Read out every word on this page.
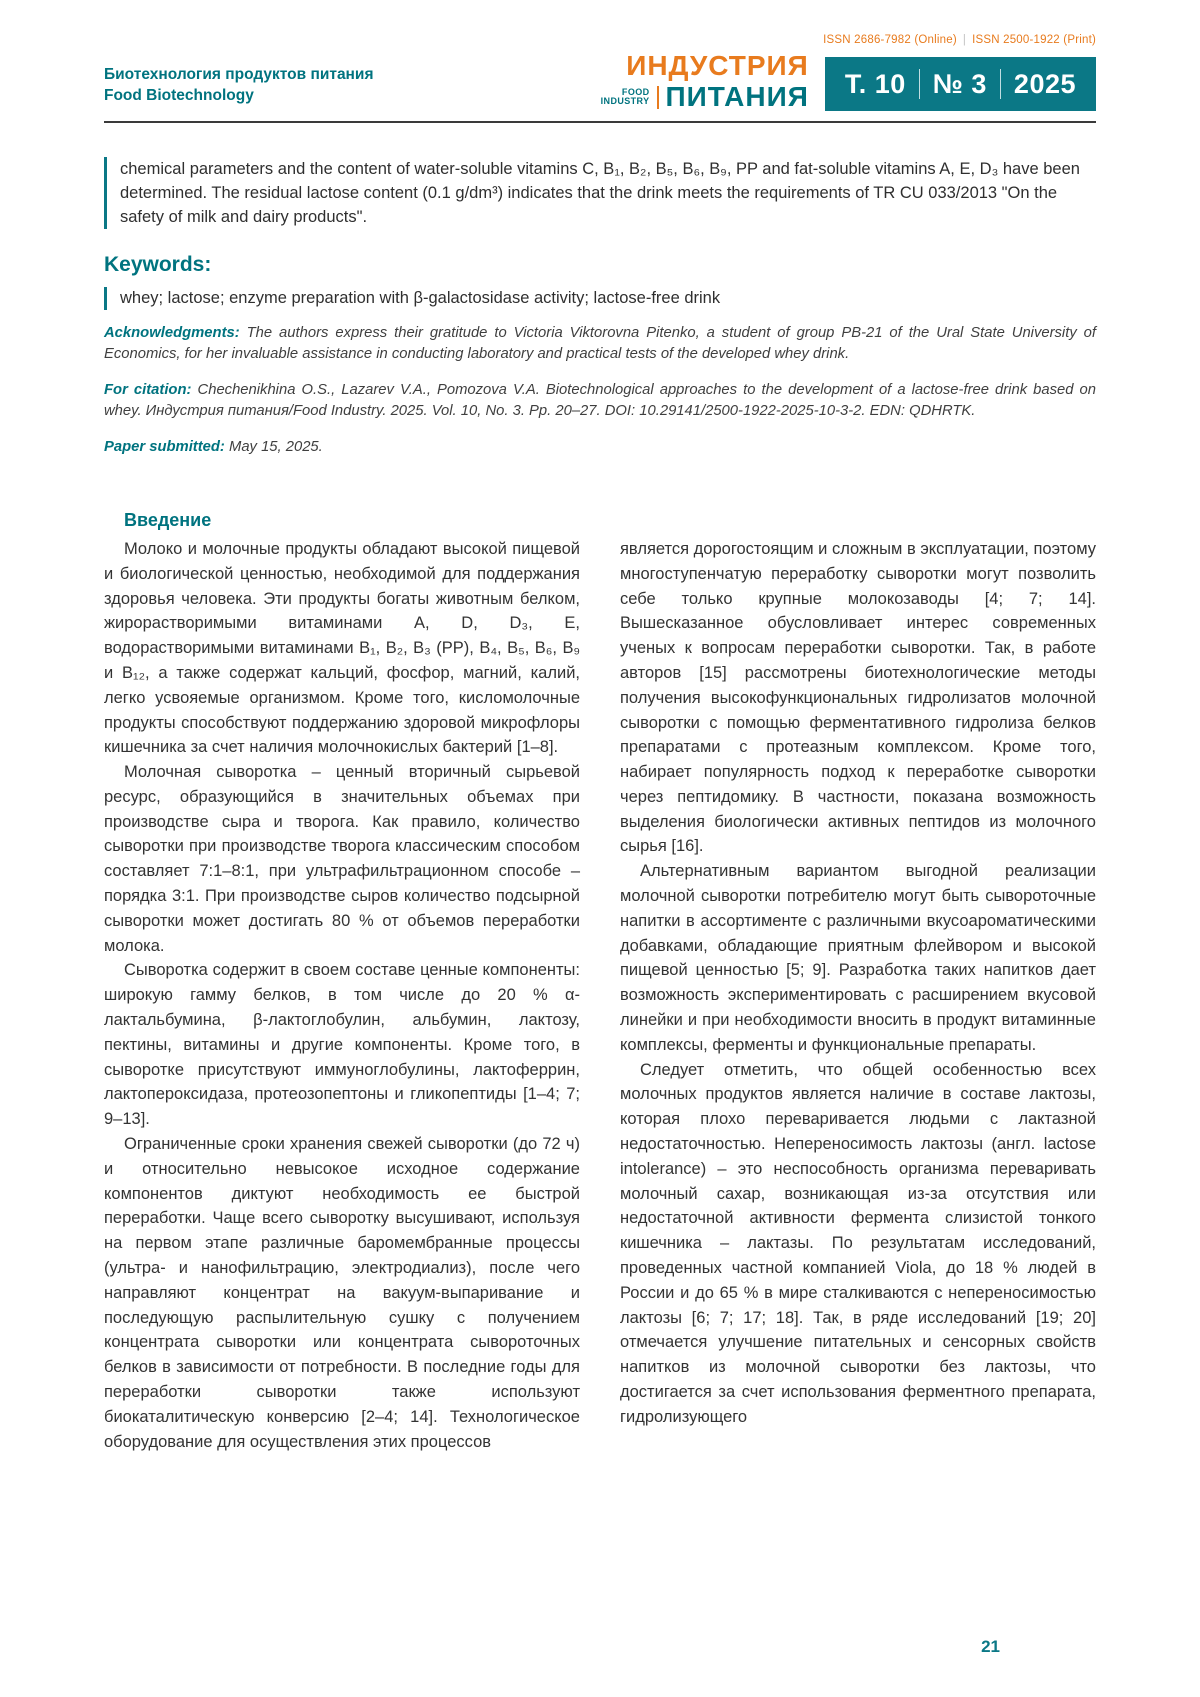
ISSN 2686-7982 (Online) | ISSN 2500-1922 (Print)
Биотехнология продуктов питания
Food Biotechnology
ИНДУСТРИЯ
FOOD
INDUSTRY ПИТАНИЯ Т. 10 № 3 2025
chemical parameters and the content of water-soluble vitamins C, B₁, B₂, B₅, B₆, B₉, PP and fat-soluble vitamins A, E, D₃ have been determined. The residual lactose content (0.1 g/dm³) indicates that the drink meets the requirements of TR CU 033/2013 "On the safety of milk and dairy products".
Keywords:
whey; lactose; enzyme preparation with β-galactosidase activity; lactose-free drink

Acknowledgments: The authors express their gratitude to Victoria Viktorovna Pitenko, a student of group PB-21 of the Ural State University of Economics, for her invaluable assistance in conducting laboratory and practical tests of the developed whey drink.

For citation: Chechenikhina O.S., Lazarev V.A., Pomozova V.A. Biotechnological approaches to the development of a lactose-free drink based on whey. Индустрия питания/Food Industry. 2025. Vol. 10, No. 3. Pp. 20–27. DOI: 10.29141/2500-1922-2025-10-3-2. EDN: QDHRTK.

Paper submitted: May 15, 2025.

Введение

Молоко и молочные продукты обладают высокой пищевой и биологической ценностью, необходимой для поддержания здоровья человека. Эти продукты богаты животным белком, жирорастворимыми витаминами A, D, D₃, E, водорастворимыми витаминами B₁, B₂, B₃ (PP), B₄, B₅, B₆, B₉ и B₁₂, а также содержат кальций, фосфор, магний, калий, легко усвояемые организмом. Кроме того, кисломолочные продукты способствуют поддержанию здоровой микрофлоры кишечника за счет наличия молочнокислых бактерий [1–8].

Молочная сыворотка – ценный вторичный сырьевой ресурс, образующийся в значительных объемах при производстве сыра и творога. Как правило, количество сыворотки при производстве творога классическим способом составляет 7:1–8:1, при ультрафильтрационном способе – порядка 3:1. При производстве сыров количество подсырной сыворотки может достигать 80 % от объемов переработки молока.

Сыворотка содержит в своем составе ценные компоненты: широкую гамму белков, в том числе до 20 % α-лактальбумина, β-лактоглобулин, альбумин, лактозу, пектины, витамины и другие компоненты. Кроме того, в сыворотке присутствуют иммуноглобулины, лактоферрин, лактопероксидаза, протеозопептоны и гликопептиды [1–4; 7; 9–13].

Ограниченные сроки хранения свежей сыворотки (до 72 ч) и относительно невысокое исходное содержание компонентов диктуют необходимость ее быстрой переработки. Чаще всего сыворотку высушивают, используя на первом этапе различные баромембранные процессы (ультра- и нанофильтрацию, электродиализ), после чего направляют концентрат на вакуум-выпаривание и последующую распылительную сушку с получением концентрата сыворотки или концентрата сывороточных белков в зависимости от потребности. В последние годы для переработки сыворотки также используют биокаталитическую конверсию [2–4; 14]. Технологическое оборудование для осуществления этих процессов

является дорогостоящим и сложным в эксплуатации, поэтому многоступенчатую переработку сыворотки могут позволить себе только крупные молокозаводы [4; 7; 14]. Вышесказанное обусловливает интерес современных ученых к вопросам переработки сыворотки. Так, в работе авторов [15] рассмотрены биотехнологические методы получения высокофункциональных гидролизатов молочной сыворотки с помощью ферментативного гидролиза белков препаратами с протеазным комплексом. Кроме того, набирает популярность подход к переработке сыворотки через пептидомику. В частности, показана возможность выделения биологически активных пептидов из молочного сырья [16].

Альтернативным вариантом выгодной реализации молочной сыворотки потребителю могут быть сывороточные напитки в ассортименте с различными вкусоароматическими добавками, обладающие приятным флейвором и высокой пищевой ценностью [5; 9]. Разработка таких напитков дает возможность экспериментировать с расширением вкусовой линейки и при необходимости вносить в продукт витаминные комплексы, ферменты и функциональные препараты.

Следует отметить, что общей особенностью всех молочных продуктов является наличие в составе лактозы, которая плохо переваривается людьми с лактазной недостаточностью. Непереносимость лактозы (англ. lactose intolerance) – это неспособность организма переваривать молочный сахар, возникающая из-за отсутствия или недостаточной активности фермента слизистой тонкого кишечника – лактазы. По результатам исследований, проведенных частной компанией Viola, до 18 % людей в России и до 65 % в мире сталкиваются с непереносимостью лактозы [6; 7; 17; 18]. Так, в ряде исследований [19; 20] отмечается улучшение питательных и сенсорных свойств напитков из молочной сыворотки без лактозы, что достигается за счет использования ферментного препарата, гидролизующего

21
